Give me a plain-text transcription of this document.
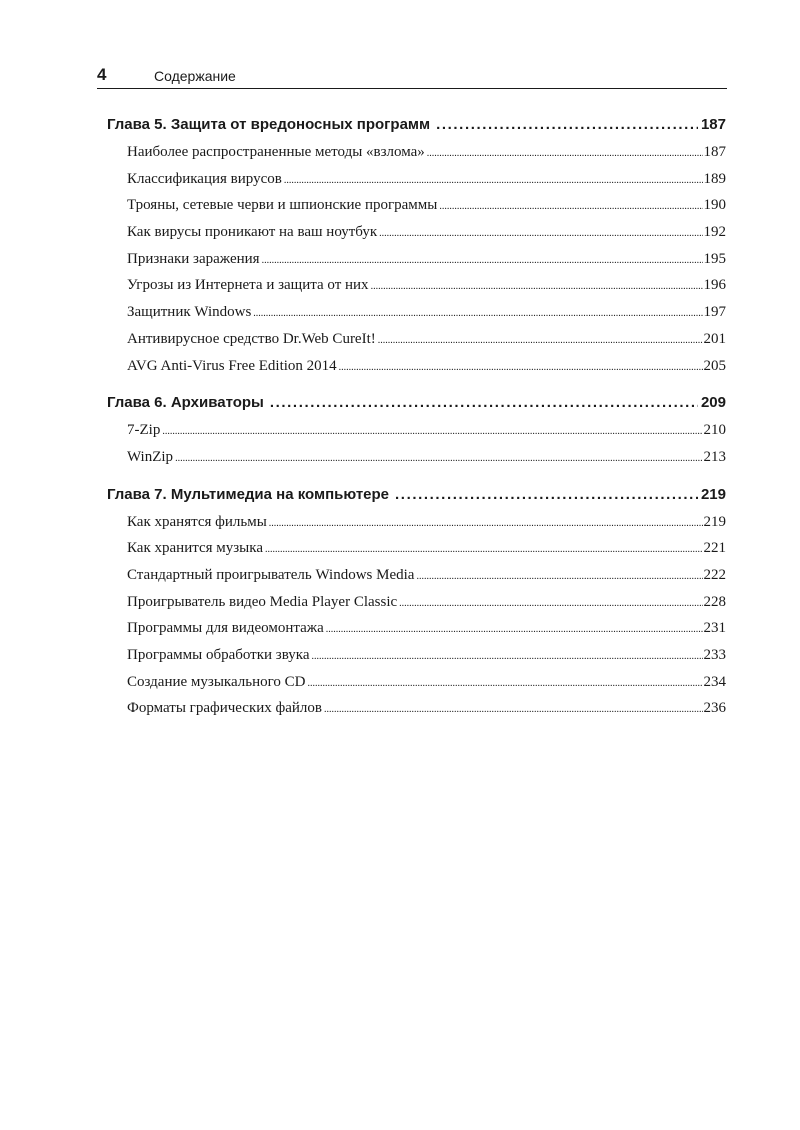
4	Содержание
Глава 5. Защита от вредоносных программ .....	187
Наиболее распространенные методы «взлома» .....	187
Классификация вирусов .....	189
Трояны, сетевые черви и шпионские программы .....	190
Как вирусы проникают на ваш ноутбук .....	192
Признаки заражения .....	195
Угрозы из Интернета и защита от них .....	196
Защитник Windows .....	197
Антивирусное средство Dr.Web CureIt! .....	201
AVG Anti-Virus Free Edition 2014 .....	205
Глава 6. Архиваторы .....	209
7-Zip .....	210
WinZip .....	213
Глава 7. Мультимедиа на компьютере .....	219
Как хранятся фильмы .....	219
Как хранится музыка .....	221
Стандартный проигрыватель Windows Media .....	222
Проигрыватель видео Media Player Classic .....	228
Программы для видеомонтажа .....	231
Программы обработки звука .....	233
Создание музыкального CD .....	234
Форматы графических файлов .....	236
